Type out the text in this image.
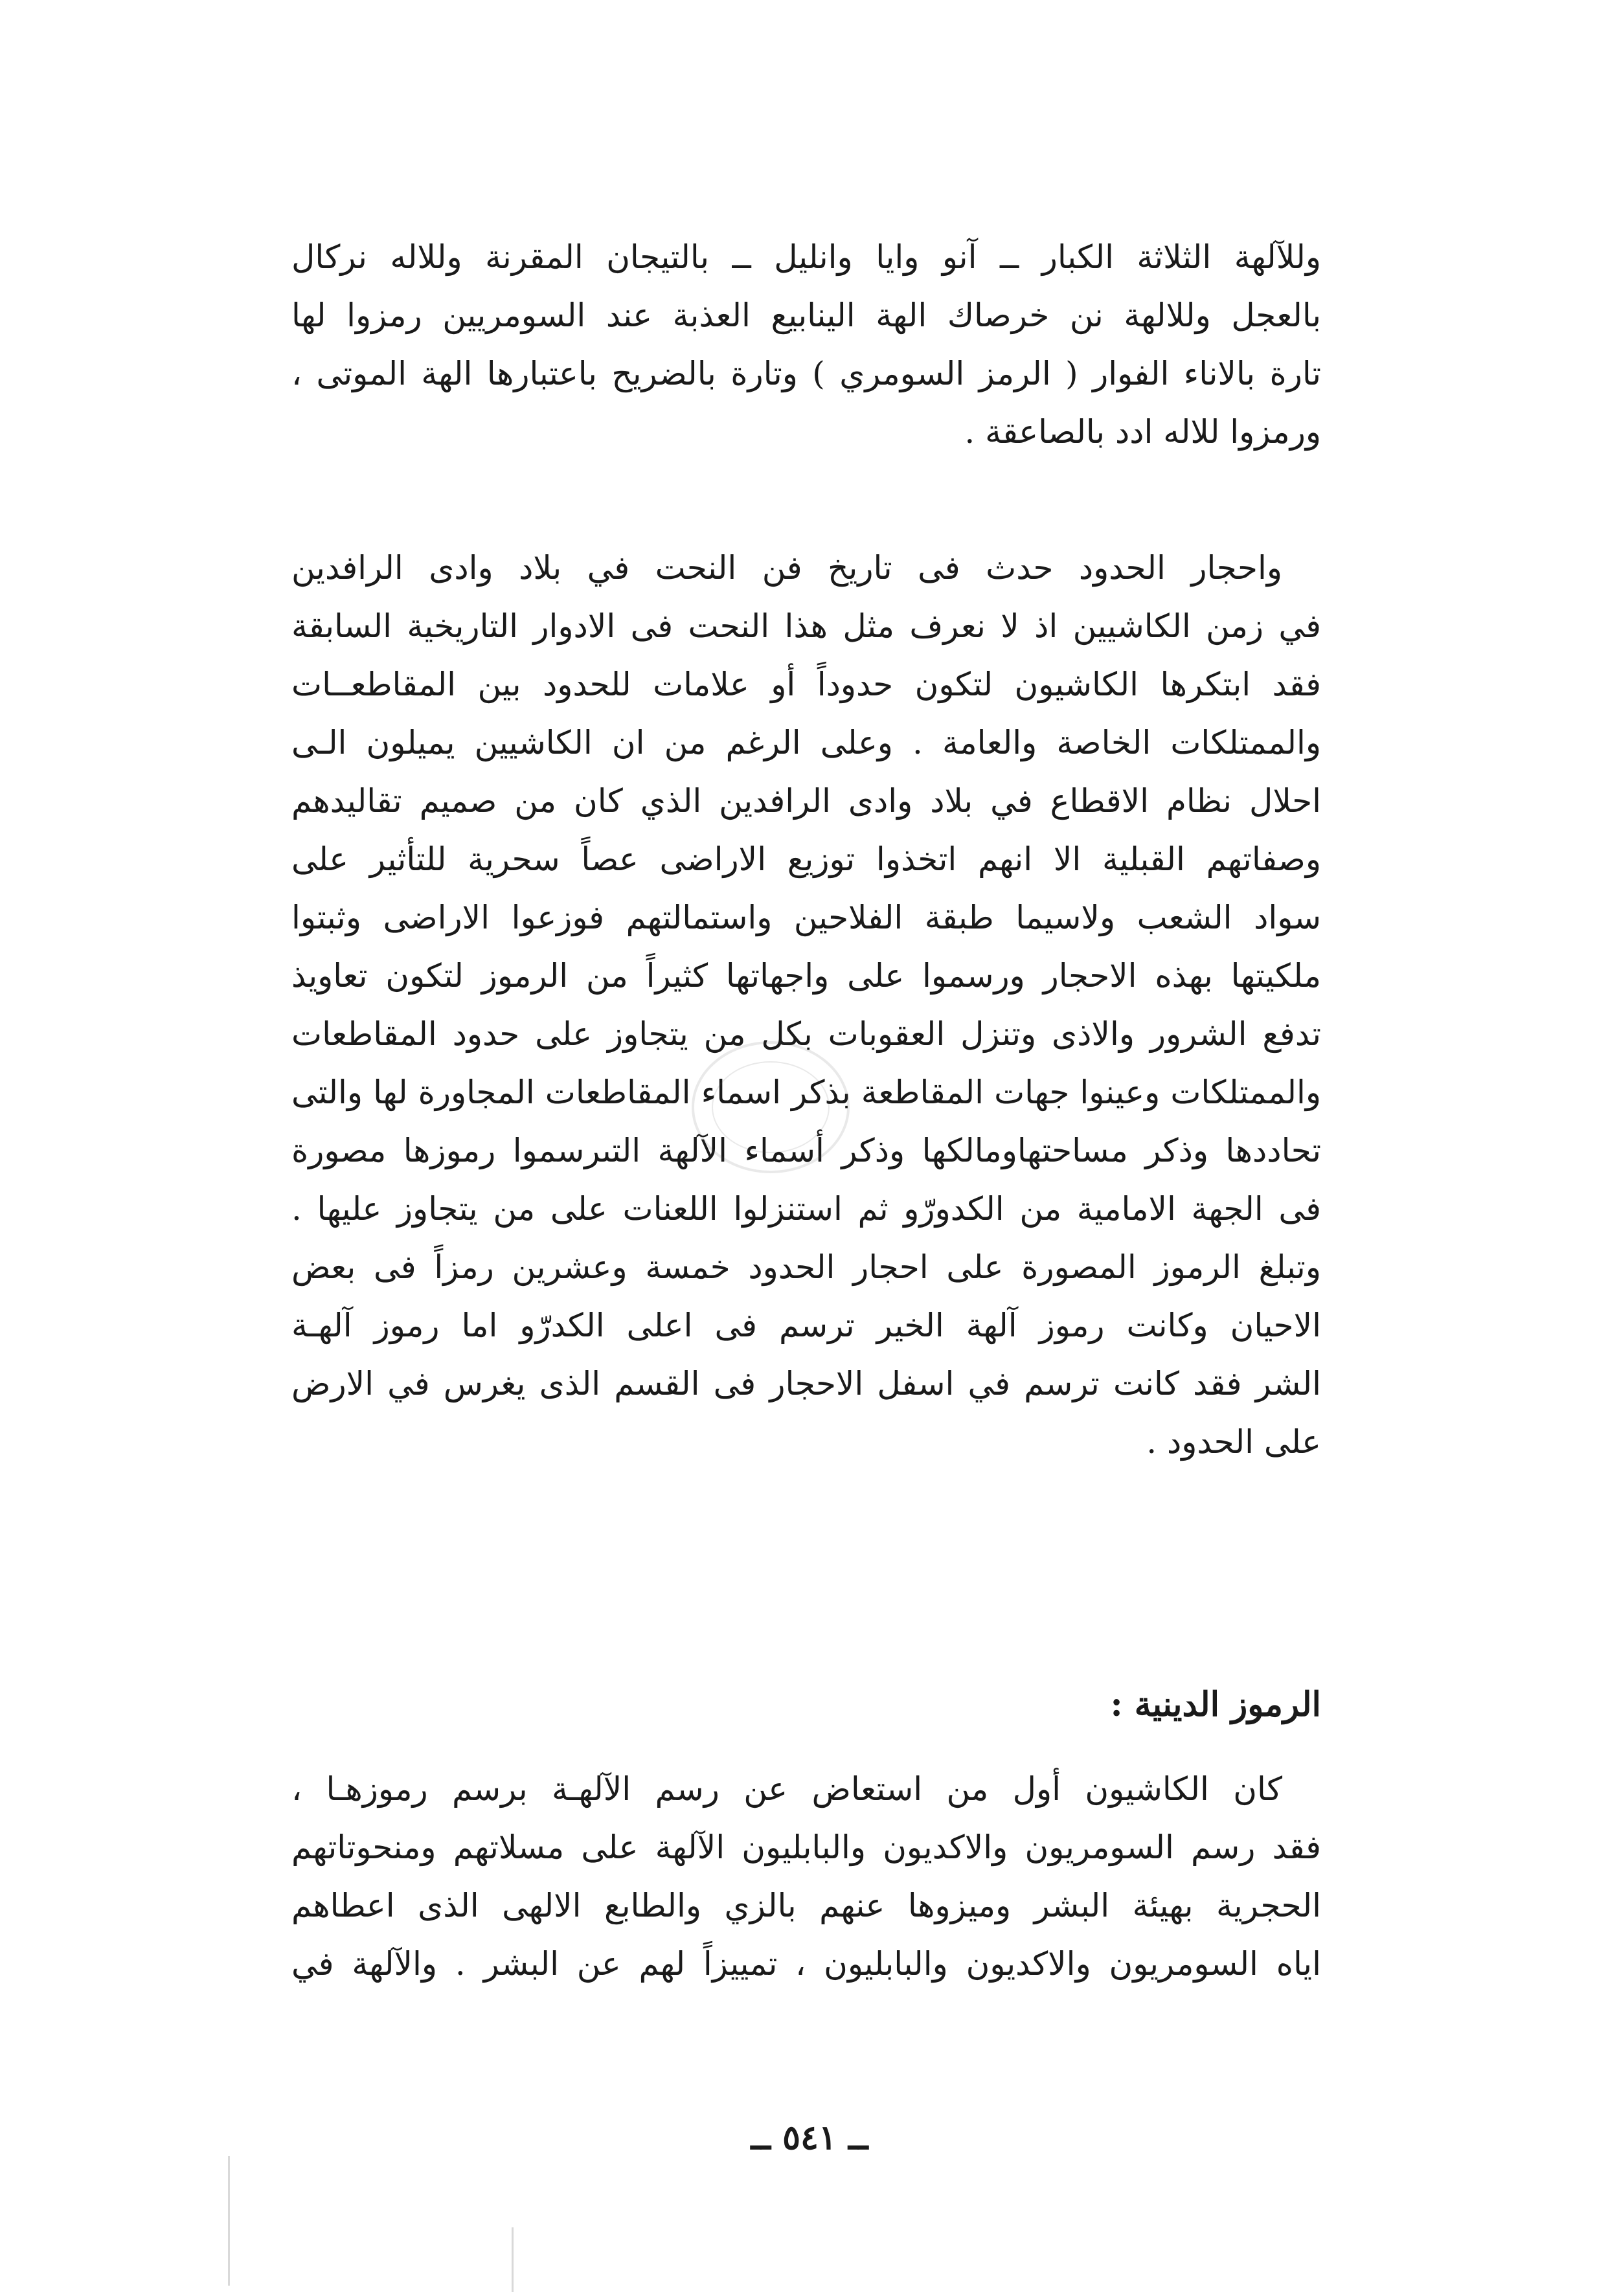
وللآلهة الثلاثة الكبار ــ آنو وايا وانليل ــ بالتيجان المقرنة وللاله نركال
بالعجل وللالهة نن خرصاك الهة الينابيع العذبة عند السومريين رمزوا لها
تارة بالاناء الفوار ( الرمز السومري ) وتارة بالضريح باعتبارها الهة الموتى ،
ورمزوا للاله ادد بالصاعقة .
واحجار الحدود حدث فى تاريخ فن النحت في بلاد وادى الرافدين
في زمن الكاشيين اذ لا نعرف مثل هذا النحت فى الادوار التاريخية السابقة
فقد ابتكرها الكاشيون لتكون حدوداً أو علامات للحدود بين المقاطعــات
والممتلكات الخاصة والعامة . وعلى الرغم من ان الكاشيين يميلون الـى
احلال نظام الاقطاع في بلاد وادى الرافدين الذي كان من صميم تقاليدهم
وصفاتهم القبلية الا انهم اتخذوا توزيع الاراضى عصاً سحرية للتأثير على
سواد الشعب ولاسيما طبقة الفلاحين واستمالتهم فوزعوا الاراضى وثبتوا
ملكيتها بهذه الاحجار ورسموا على واجهاتها كثيراً من الرموز لتكون تعاويذ
تدفع الشرور والاذى وتنزل العقوبات بكل من يتجاوز على حدود المقاطعات
والممتلكات وعينوا جهات المقاطعة بذكر اسماء المقاطعات المجاورة لها والتى
تحاددها وذكر مساحتهاومالكها وذكر أسماء الآلهة التىرسموا رموزها مصورة
فى الجهة الامامية من الكدورّو ثم استنزلوا اللعنات على من يتجاوز عليها .
وتبلغ الرموز المصورة على احجار الحدود خمسة وعشرين رمزاً فى بعض
الاحيان وكانت رموز آلهة الخير ترسم فى اعلى الكدرّو اما رموز آلهـة
الشر فقد كانت ترسم في اسفل الاحجار فى القسم الذى يغرس في الارض
على الحدود .
الرموز الدينية :
كان الكاشيون أول من استعاض عن رسم الآلهـة برسم رموزهـا ،
فقد رسم السومريون والاكديون والبابليون الآلهة على مسلاتهم ومنحوتاتهم
الحجرية بهيئة البشر وميزوها عنهم بالزي والطابع الالهى الذى اعطاهم
اياه السومريون والاكديون والبابليون ، تمييزاً لهم عن البشر . والآلهة في
ــ ٥٤١ ــ
